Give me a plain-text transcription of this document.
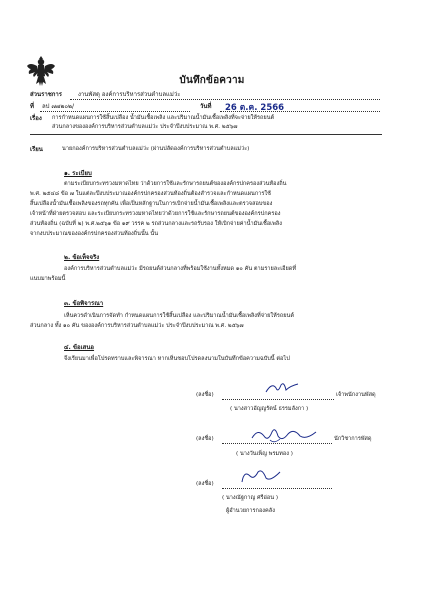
บันทึกข้อความ
ส่วนราชการ	งานพัสดุ องค์การบริหารส่วนตำบลแม่ว่ะ
ที่ ลป ๗๗๒๐๒/	วันที่ 26 ต.ค. 2566
เรื่อง การกำหนดแผนการใช้สิ้นเปลือง น้ำมันเชื้อเพลิง และปริมาณน้ำมันเชื้อเพลิงที่จะจ่ายให้รถยนต์
ส่วนกลางขององค์การบริหารส่วนตำบลแม่ว่ะ ประจำปีงบประมาณ พ.ศ. ๒๕๖๗
เรียน	นายกองค์การบริหารส่วนตำบลแม่ว่ะ (ผ่านปลัดองค์การบริหารส่วนตำบลแม่ว่ะ)
๑. ระเบียบ
ตามระเบียบกระทรวงมหาดไทย ว่าด้วยการใช้และรักษารถยนต์ขององค์กรปกครองส่วนท้องถิ่น
พ.ศ. ๒๕๔๘ ข้อ ๗ ในแต่ละปีงบประมาณองค์กรปกครองส่วนท้องถิ่นต้องสำรวจและกำหนดแผนการใช้
สิ้นเปลืองน้ำมันเชื้อเพลิงของรถทุกคัน เพื่อเป็นหลักฐานในการเบิกจ่ายน้ำมันเชื้อเพลิงและตรวจสอบของ
เจ้าหน้าที่ฝ่ายตรวจสอบ และระเบียบกระทรวงมหาดไทยว่าด้วยการใช้และรักษารถยนต์ขององค์กรปกครอง
ส่วนท้องถิ่น (ฉบับที่ ๒) พ.ศ.๒๕๖๑ ข้อ ๑๙ วรรค ๒ รถส่วนกลางและรถรับรอง ให้เบิกจ่ายค่าน้ำมันเชื้อเพลิง
จากงบประมาณขององค์กรปกครองส่วนท้องถิ่นนั้น นั้น
๒. ข้อเท็จจริง
องค์การบริหารส่วนตำบลแม่ว่ะ มีรถยนต์ส่วนกลางที่พร้อมใช้งานทั้งหมด ๑๐ คัน ตามรายละเอียดที่
แนบมาพร้อมนี้
๓. ข้อพิจารณา
เห็นควรดำเนินการจัดทำ กำหนดแผนการใช้สิ้นเปลือง และปริมาณน้ำมันเชื้อเพลิงที่จ่ายให้รถยนต์
ส่วนกลาง ทั้ง ๑๐ คัน ขององค์การบริหารส่วนตำบลแม่ว่ะ ประจำปีงบประมาณ พ.ศ. ๒๕๖๗
๔. ข้อเสนอ
จึงเรียนมาเพื่อโปรดทราบและพิจารณา หากเห็นชอบโปรดลงนามในบันทึกข้อความฉบับนี้ ต่อไป
(ลงชื่อ)	เจ้าพนักงานพัสดุ
( นางสาวอัญญรัตน์ ธรรมลังกา )
(ลงชื่อ)	นักวิชาการพัสดุ
( นางวันเพ็ญ พรมทอง )
(ลงชื่อ)
( นางณัฐกาญ ศรีอ่อน )
ผู้อำนวยการกองคลัง
